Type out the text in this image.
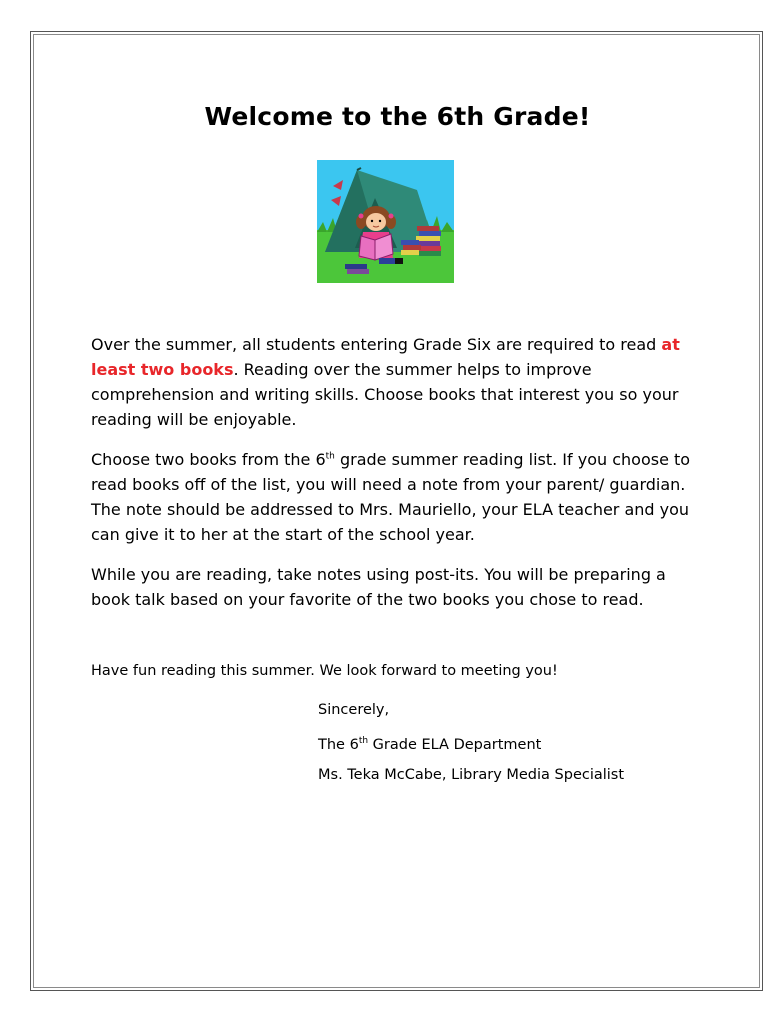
Welcome to the 6th Grade!

Over the summer, all students entering Grade Six are required to read at least two books. Reading over the summer helps to improve comprehension and writing skills. Choose books that interest you so your reading will be enjoyable.

Choose two books from the 6th grade summer reading list. If you choose to read books off of the list, you will need a note from your parent/ guardian. The note should be addressed to Mrs. Mauriello, your ELA teacher and you can give it to her at the start of the school year.

While you are reading, take notes using post-its. You will be preparing a book talk based on your favorite of the two books you chose to read.

Have fun reading this summer. We look forward to meeting you!

Sincerely,

The 6th Grade ELA Department

Ms. Teka McCabe, Library Media Specialist
